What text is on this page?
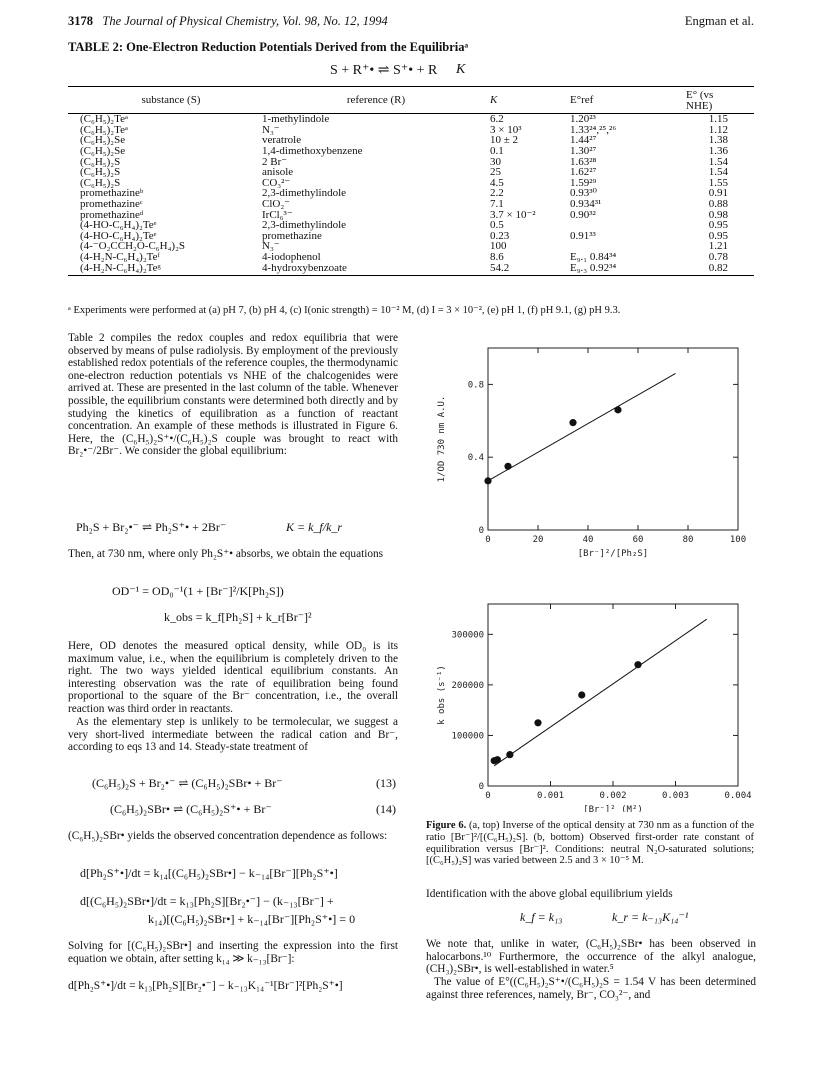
3178 The Journal of Physical Chemistry, Vol. 98, No. 12, 1994	Engman et al.
TABLE 2: One-Electron Reduction Potentials Derived from the Equilibriaᵃ
S + R⁺• ⇌ S⁺• + R K
substance (S)	reference (R)	K	E°ref	E° (vs NHE)
(C₆H₅)₂Teᵃ	1-methylindole	6.2	1.20²³	1.15
(C₆H₅)₂Teᵃ	N₃⁻	3 × 10³	1.33²⁴,²⁵,²⁶	1.12
(C₆H₅)₂Se	veratrole	10 ± 2	1.44²⁷	1.38
(C₆H₅)₂Se	1,4-dimethoxybenzene	0.1	1.30²⁷	1.36
(C₆H₅)₂S	2 Br⁻	30	1.63²⁸	1.54
(C₆H₅)₂S	anisole	25	1.62²⁷	1.54
(C₆H₅)₂S	CO₃²⁻	4.5	1.59²⁹	1.55
promethazineᵇ	2,3-dimethylindole	2.2	0.93³⁰	0.91
promethazineᶜ	ClO₂⁻	7.1	0.934³¹	0.88
promethazineᵈ	IrCl₆³⁻	3.7 × 10⁻²	0.90³²	0.98
(4-HO-C₆H₄)₂Teᵉ	2,3-dimethylindole	0.5		0.95
(4-HO-C₆H₄)₂Teᵉ	promethazine	0.23	0.91³³	0.95
(4-⁻O₂CCH₂O-C₆H₄)₂S	N₃⁻	100		1.21
(4-H₂N-C₆H₄)₂Teᶠ	4-iodophenol	8.6	E₉.₁ 0.84³⁴	0.78
(4-H₂N-C₆H₄)₂Teᵍ	4-hydroxybenzoate	54.2	E₉.₃ 0.92³⁴	0.82
ᵃ Experiments were performed at (a) pH 7, (b) pH 4, (c) I(onic strength) = 10⁻² M, (d) I = 3 × 10⁻², (e) pH 1, (f) pH 9.1, (g) pH 9.3.
Table 2 compiles the redox couples and redox equilibria that were observed by means of pulse radiolysis. By employment of the previously established redox potentials of the reference couples, the thermodynamic one-electron reduction potentials vs NHE of the chalcogenides were arrived at. These are presented in the last column of the table. Whenever possible, the equilibrium constants were determined both directly and by studying the kinetics of equilibration as a function of reactant concentration. An example of these methods is illustrated in Figure 6. Here, the (C₆H₅)₂S⁺•/(C₆H₅)₂S couple was brought to react with Br₂•⁻/2Br⁻. We consider the global equilibrium:
Ph₂S + Br₂•⁻ ⇌ Ph₂S⁺• + 2Br⁻	K = k_f/k_r
Then, at 730 nm, where only Ph₂S⁺• absorbs, we obtain the equations
OD⁻¹ = OD₀⁻¹(1 + [Br⁻]²/K[Ph₂S])
k_obs = k_f[Ph₂S] + k_r[Br⁻]²
Here, OD denotes the measured optical density, while OD₀ is its maximum value, i.e., when the equilibrium is completely driven to the right. The two ways yielded identical equilibrium constants. An interesting observation was the rate of equilibration being found proportional to the square of the Br⁻ concentration, i.e., the overall reaction was third order in reactants.
As the elementary step is unlikely to be termolecular, we suggest a very short-lived intermediate between the radical cation and Br⁻, according to eqs 13 and 14. Steady-state treatment of
(C₆H₅)₂S + Br₂•⁻ ⇌ (C₆H₅)₂SBr• + Br⁻	(13)
(C₆H₅)₂SBr• ⇌ (C₆H₅)₂S⁺• + Br⁻	(14)
(C₆H₅)₂SBr• yields the observed concentration dependence as follows:
d[Ph₂S⁺•]/dt = k₁₄[(C₆H₅)₂SBr•] − k₋₁₄[Br⁻][Ph₂S⁺•]
d[(C₆H₅)₂SBr•]/dt = k₁₃[Ph₂S][Br₂•⁻] − (k₋₁₃[Br⁻] +
k₁₄)[(C₆H₅)₂SBr•] + k₋₁₄[Br⁻][Ph₂S⁺•] = 0
Solving for [(C₆H₅)₂SBr•] and inserting the expression into the first equation we obtain, after setting k₁₄ ≫ k₋₁₃[Br⁻]:
d[Ph₂S⁺•]/dt = k₁₃[Ph₂S][Br₂•⁻] − k₋₁₃K₁₄⁻¹[Br⁻]²[Ph₂S⁺•]
0	20	40	60	80	100
0
0.4
0.8
[Br⁻]²/[Ph₂S]
1/OD 730 nm A.U.
0	0.001	0.002	0.003	0.004
0
100000
200000
300000
[Br⁻]² (M²)
k obs (s⁻¹)
Figure 6. (a, top) Inverse of the optical density at 730 nm as a function of the ratio [Br⁻]²/[(C₆H₅)₂S]. (b, bottom) Observed first-order rate constant of equilibration versus [Br⁻]². Conditions: neutral N₂O-saturated solutions; [(C₆H₅)₂S] was varied between 2.5 and 3 × 10⁻⁵ M.
Identification with the above global equilibrium yields
k_f = k₁₃	k_r = k₋₁₃K₁₄⁻¹
We note that, unlike in water, (C₆H₅)₂SBr• has been observed in halocarbons.¹⁰ Furthermore, the occurrence of the alkyl analogue, (CH₃)₂SBr•, is well-established in water.⁵
The value of E°((C₆H₅)₂S⁺•/(C₆H₅)₂S = 1.54 V has been determined against three references, namely, Br⁻, CO₃²⁻, and
